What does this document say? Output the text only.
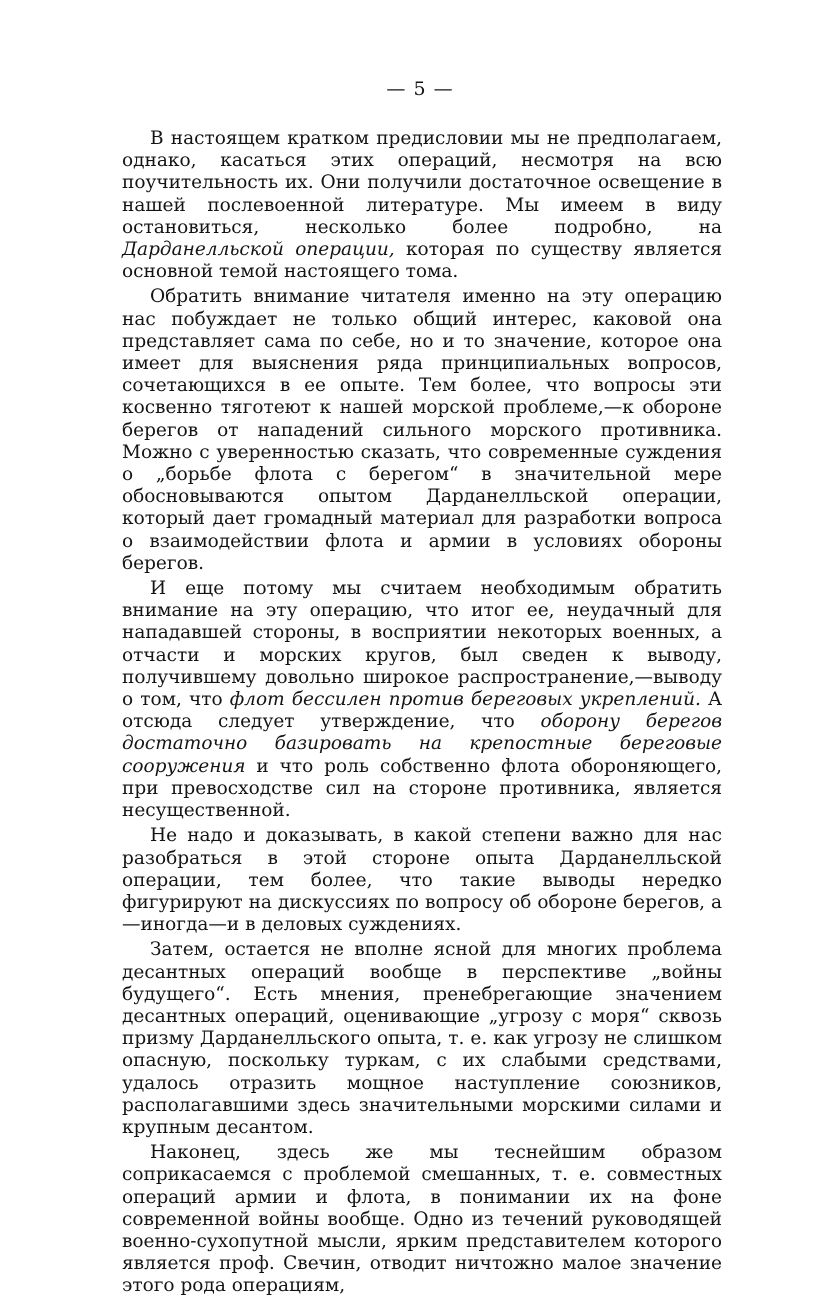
— 5 —

В настоящем кратком предисловии мы не предполагаем, однако, касаться этих операций, несмотря на всю поучительность их. Они получили достаточное освещение в нашей послевоенной литературе. Мы имеем в виду остановиться, несколько более подробно, на Дарданелльской операции, которая по существу является основной темой настоящего тома.

Обратить внимание читателя именно на эту операцию нас побуждает не только общий интерес, каковой она представляет сама по себе, но и то значение, которое она имеет для выяснения ряда принципиальных вопросов, сочетающихся в ее опыте. Тем более, что вопросы эти косвенно тяготеют к нашей морской проблеме,—к обороне берегов от нападений сильного морского противника. Можно с уверенностью сказать, что современные суждения о „борьбе флота с берегом“ в значительной мере обосновываются опытом Дарданелльской операции, который дает громадный материал для разработки вопроса о взаимодействии флота и армии в условиях обороны берегов.

И еще потому мы считаем необходимым обратить внимание на эту операцию, что итог ее, неудачный для нападавшей стороны, в восприятии некоторых военных, а отчасти и морских кругов, был сведен к выводу, получившему довольно широкое распространение,—выводу о том, что флот бессилен против береговых укреплений. А отсюда следует утверждение, что оборону берегов достаточно базировать на крепостные береговые сооружения и что роль собственно флота обороняющего, при превосходстве сил на стороне противника, является несущественной.

Не надо и доказывать, в какой степени важно для нас разобраться в этой стороне опыта Дарданелльской операции, тем более, что такие выводы нередко фигурируют на дискуссиях по вопросу об обороне берегов, а—иногда—и в деловых суждениях.

Затем, остается не вполне ясной для многих проблема десантных операций вообще в перспективе „войны будущего“. Есть мнения, пренебрегающие значением десантных операций, оценивающие „угрозу с моря“ сквозь призму Дарданелльского опыта, т. е. как угрозу не слишком опасную, поскольку туркам, с их слабыми средствами, удалось отразить мощное наступление союзников, располагавшими здесь значительными морскими силами и крупным десантом.

Наконец, здесь же мы теснейшим образом соприкасаемся с проблемой смешанных, т. е. совместных операций армии и флота, в понимании их на фоне современной войны вообще. Одно из течений руководящей военно-сухопутной мысли, ярким представителем которого является проф. Свечин, отводит ничтожно малое значение этого рода операциям,
